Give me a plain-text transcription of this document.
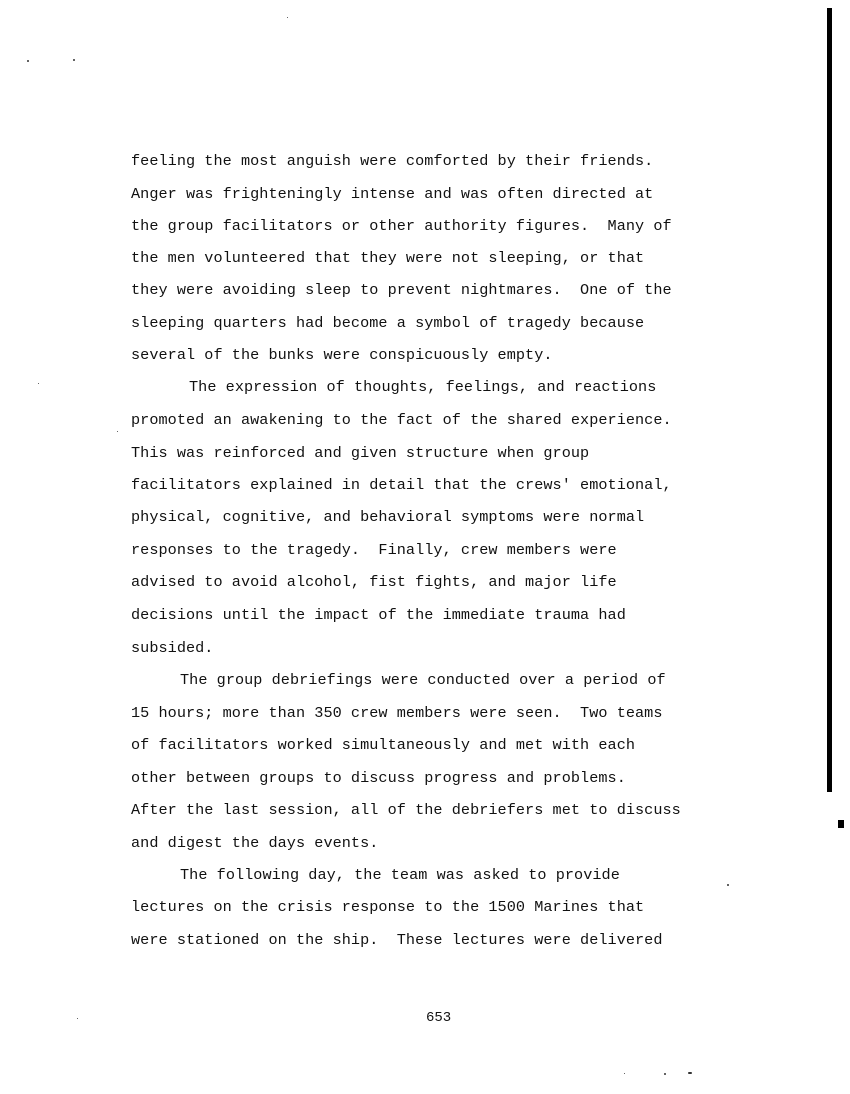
feeling the most anguish were comforted by their friends.
Anger was frighteningly intense and was often directed at
the group facilitators or other authority figures.  Many of
the men volunteered that they were not sleeping, or that
they were avoiding sleep to prevent nightmares.  One of the
sleeping quarters had become a symbol of tragedy because
several of the bunks were conspicuously empty.
The expression of thoughts, feelings, and reactions
promoted an awakening to the fact of the shared experience.
This was reinforced and given structure when group
facilitators explained in detail that the crews' emotional,
physical, cognitive, and behavioral symptoms were normal
responses to the tragedy.  Finally, crew members were
advised to avoid alcohol, fist fights, and major life
decisions until the impact of the immediate trauma had
subsided.
The group debriefings were conducted over a period of
15 hours; more than 350 crew members were seen.  Two teams
of facilitators worked simultaneously and met with each
other between groups to discuss progress and problems.
After the last session, all of the debriefers met to discuss
and digest the days events.
The following day, the team was asked to provide
lectures on the crisis response to the 1500 Marines that
were stationed on the ship.  These lectures were delivered
653
